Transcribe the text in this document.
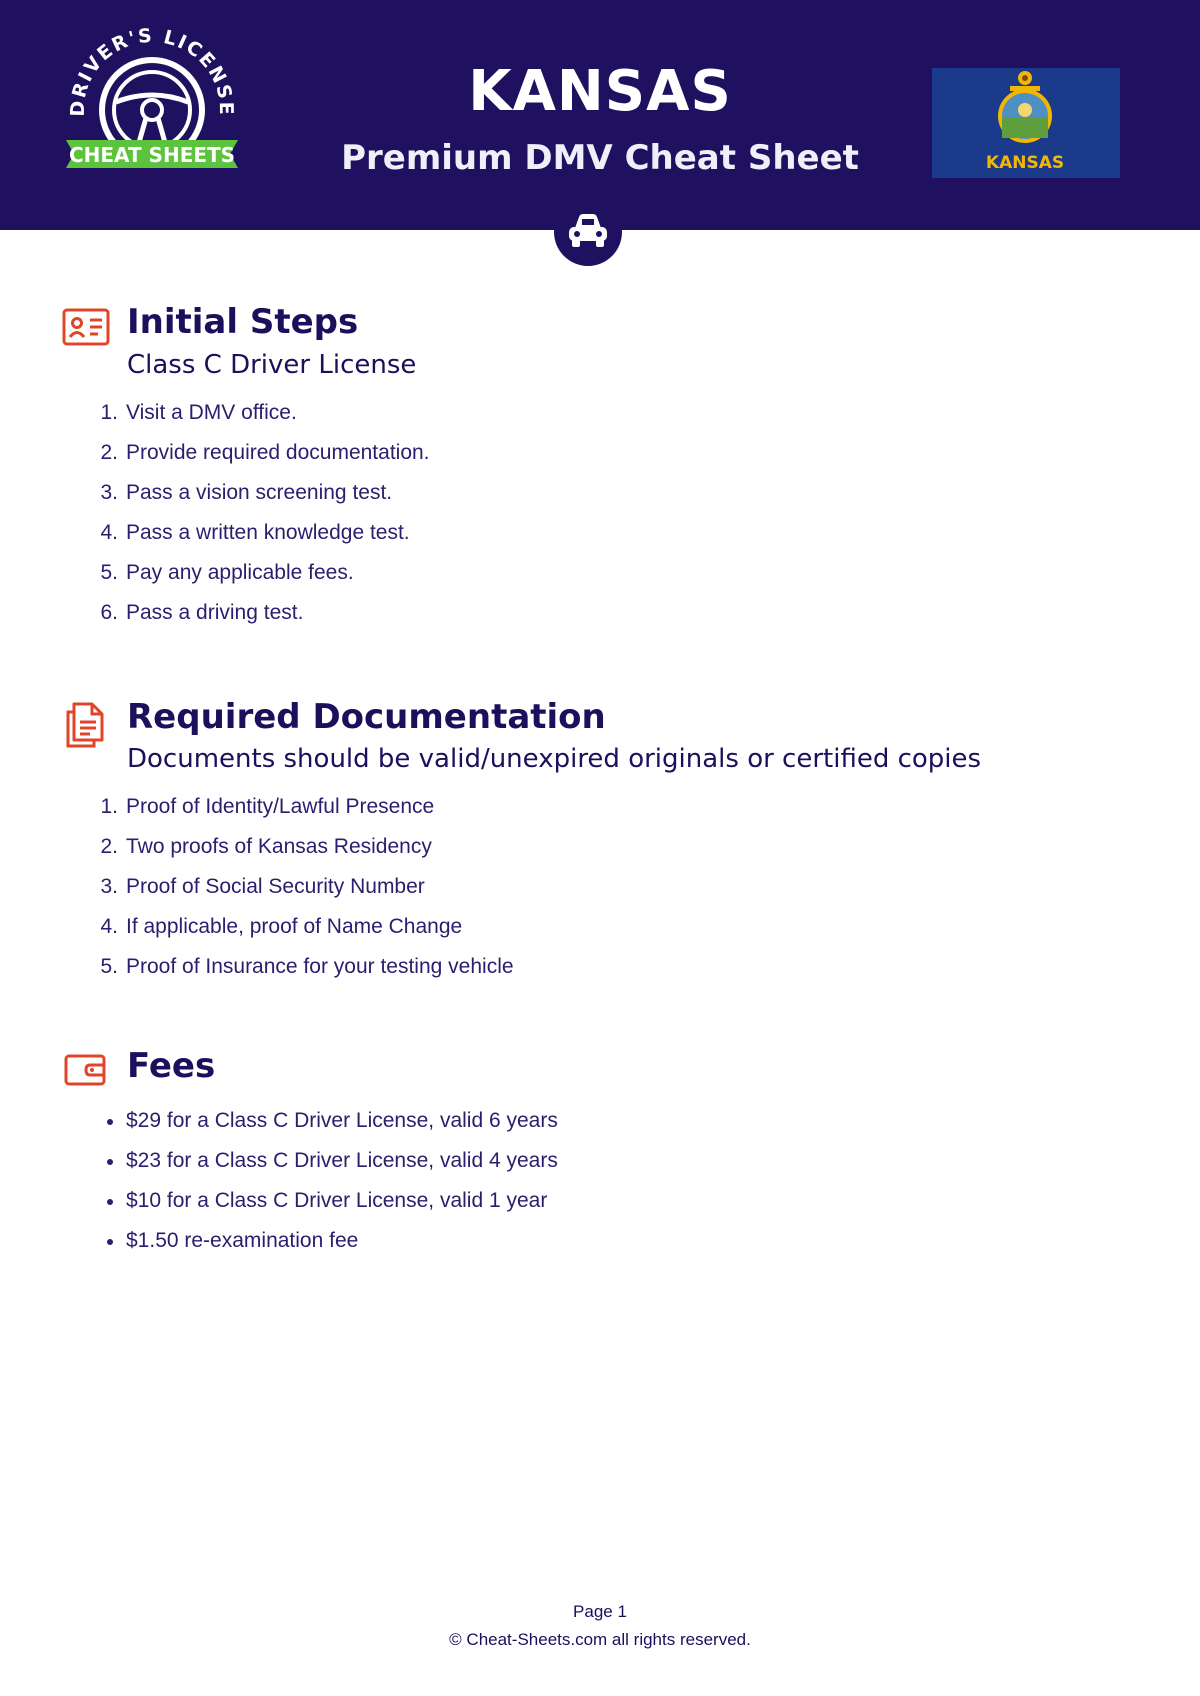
DRIVER'S LICENSE
CHEAT SHEETS
KANSAS
Premium DMV Cheat Sheet	KANSAS
Initial Steps
Class C Driver License
1. Visit a DMV office.
2. Provide required documentation.
3. Pass a vision screening test.
4. Pass a written knowledge test.
5. Pay any applicable fees.
6. Pass a driving test.
Required Documentation
Documents should be valid/unexpired originals or certified copies
1. Proof of Identity/Lawful Presence
2. Two proofs of Kansas Residency
3. Proof of Social Security Number
4. If applicable, proof of Name Change
5. Proof of Insurance for your testing vehicle
Fees
$29 for a Class C Driver License, valid 6 years
$23 for a Class C Driver License, valid 4 years
$10 for a Class C Driver License, valid 1 year
$1.50 re-examination fee
Page 1
© Cheat-Sheets.com all rights reserved.
